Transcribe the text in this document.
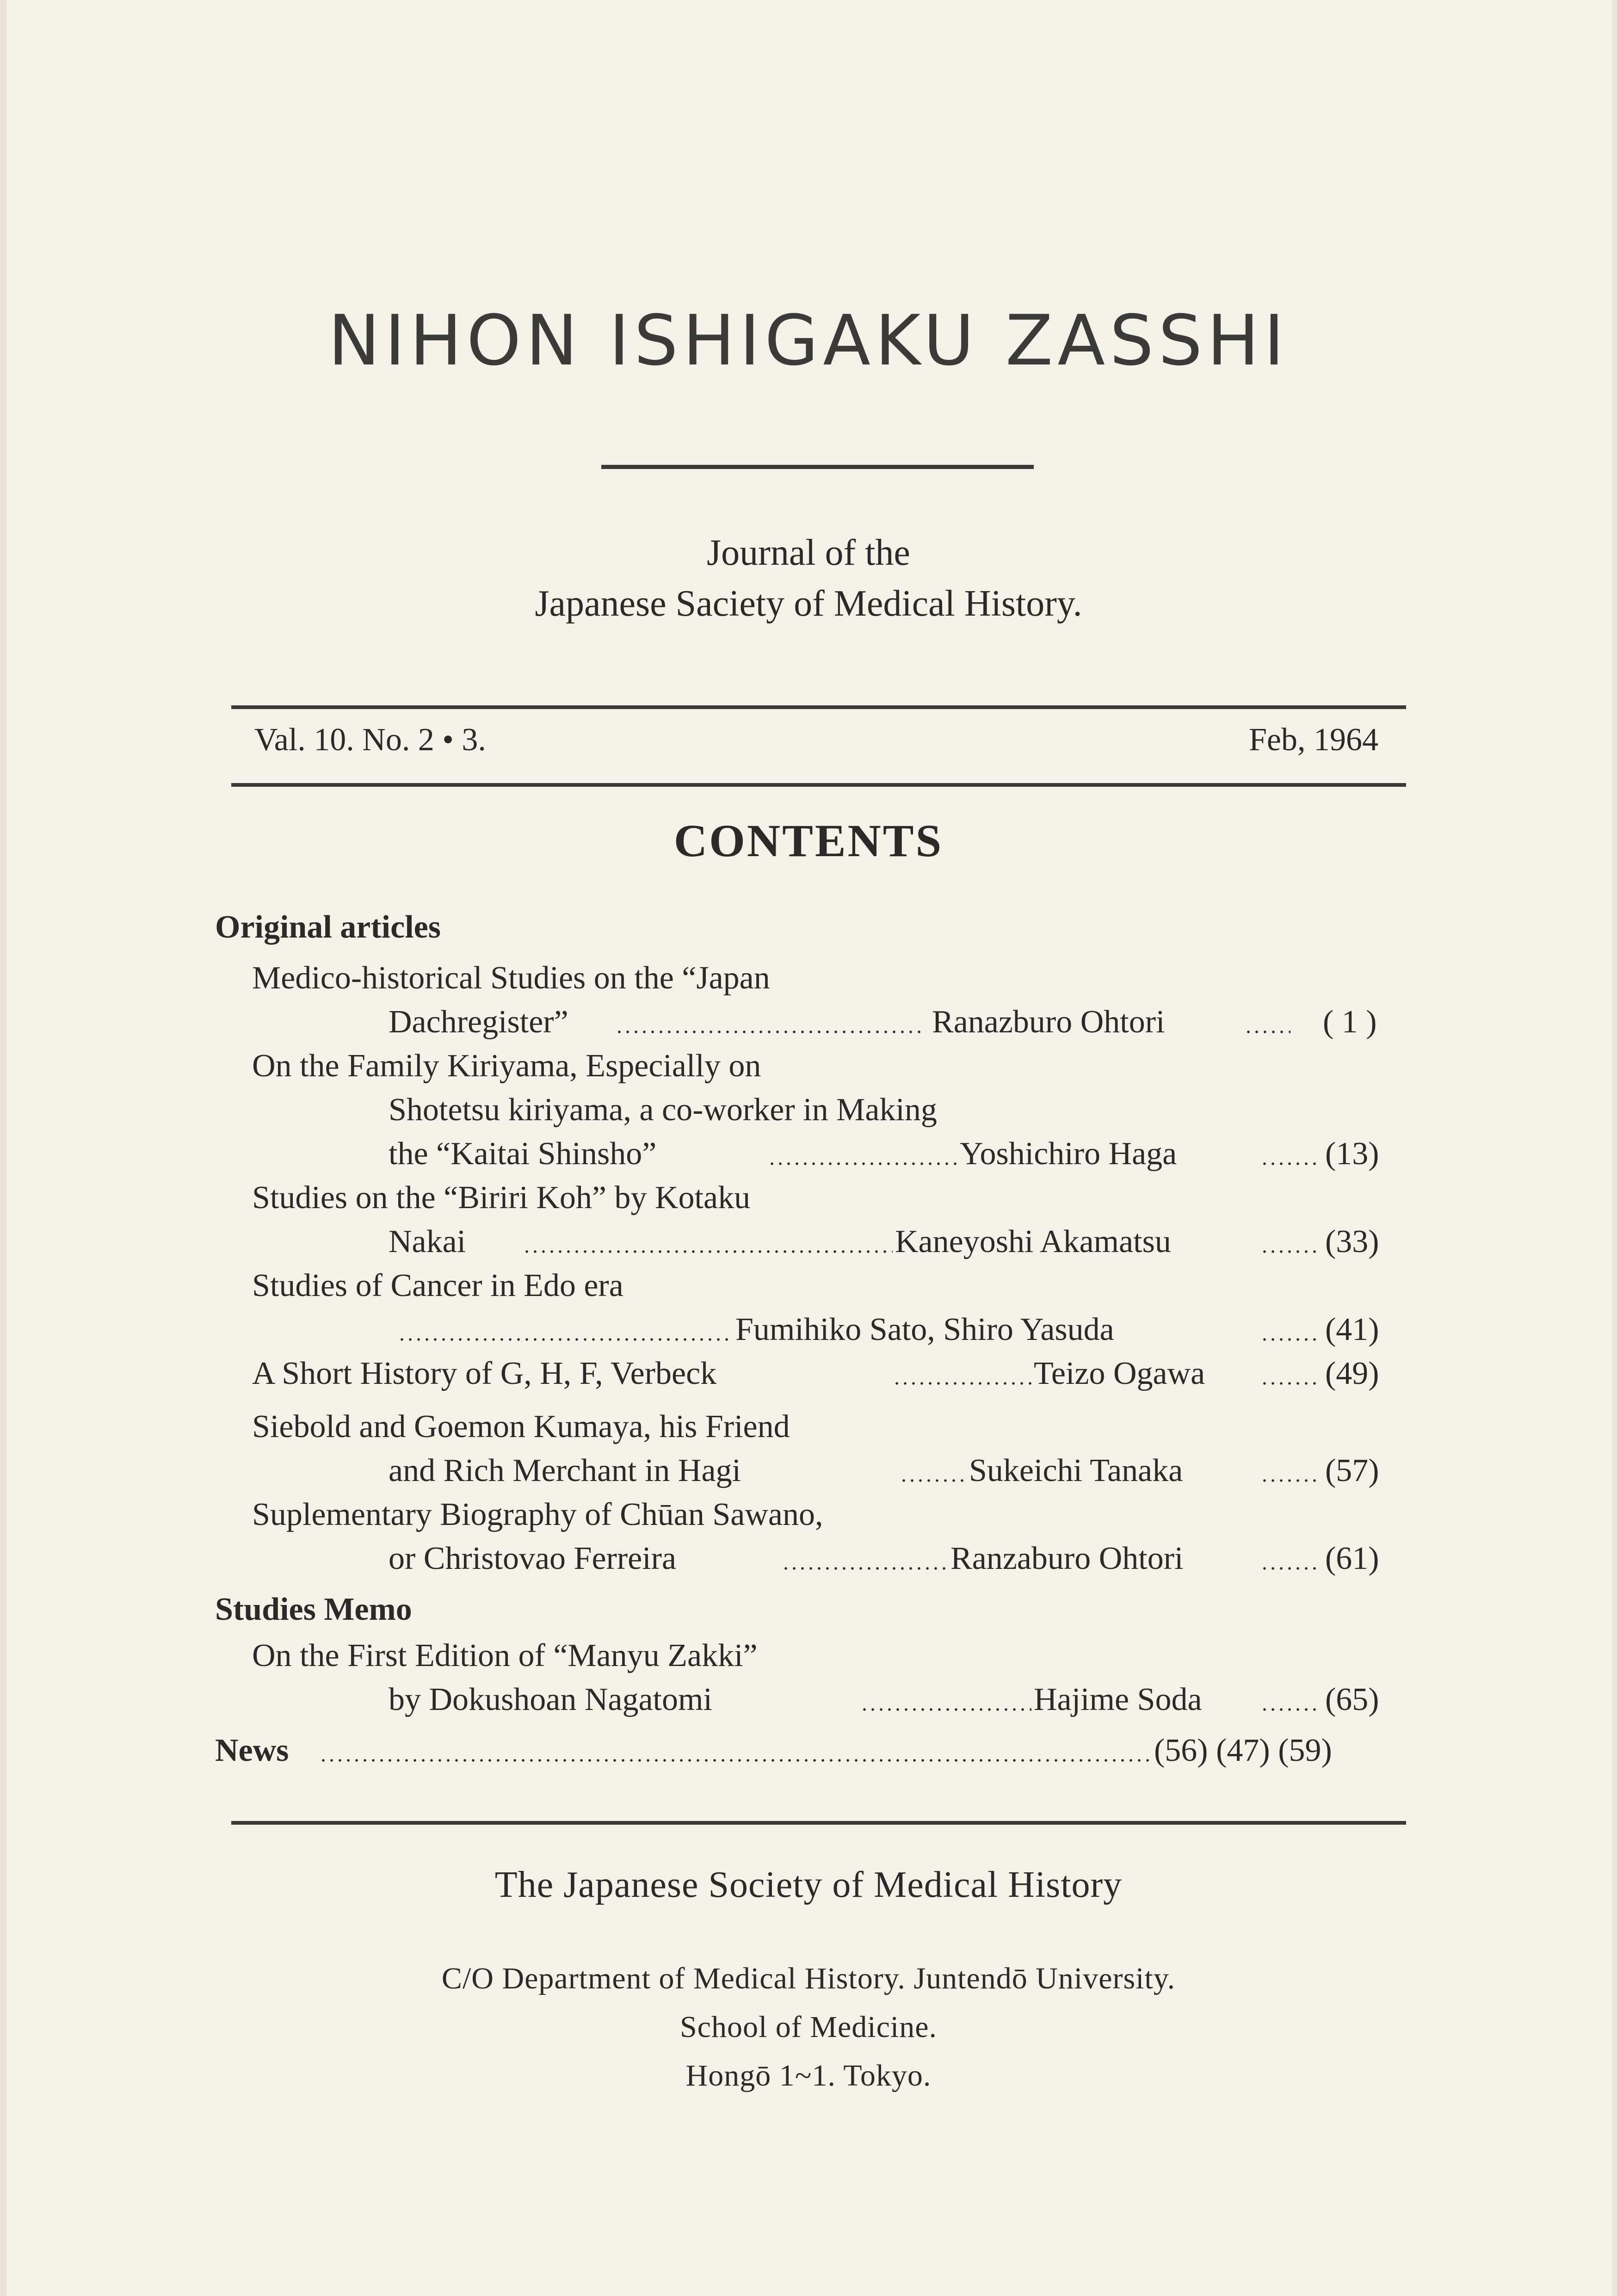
NIHON ISHIGAKU ZASSHI
Journal of the
Japanese Saciety of Medical History.
Val. 10. No. 2 • 3.	Feb, 1964
CONTENTS
Original articles
Medico-historical Studies on the “Japan
Dachregister”	Ranazburo Ohtori	( 1 )
On the Family Kiriyama, Especially on
Shotetsu kiriyama, a co-worker in Making
the “Kaitai Shinsho”	Yoshichiro Haga	(13)
Studies on the “Biriri Koh” by Kotaku
Nakai	Kaneyoshi Akamatsu	(33)
Studies of Cancer in Edo era
Fumihiko Sato, Shiro Yasuda	(41)
A Short History of G, H, F, Verbeck	Teizo Ogawa	(49)
Siebold and Goemon Kumaya, his Friend
and Rich Merchant in Hagi	Sukeichi Tanaka	(57)
Suplementary Biography of Chūan Sawano,
or Christovao Ferreira	Ranzaburo Ohtori	(61)
Studies Memo
On the First Edition of “Manyu Zakki”
by Dokushoan Nagatomi	Hajime Soda	(65)
News	(56) (47) (59)
The Japanese Society of Medical History
C/O Department of Medical History. Juntendō University.
School of Medicine.
Hongō 1~1. Tokyo.
